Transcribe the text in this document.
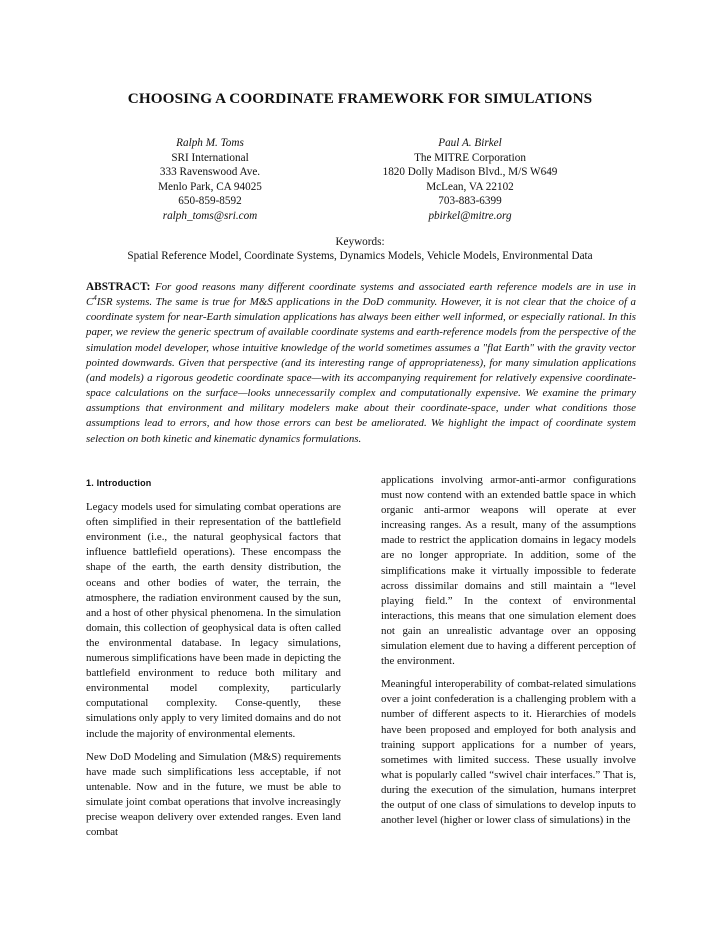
CHOOSING A COORDINATE FRAMEWORK FOR SIMULATIONS
Ralph M. Toms
SRI International
333 Ravenswood Ave.
Menlo Park, CA 94025
650-859-8592
ralph_toms@sri.com
Paul A. Birkel
The MITRE Corporation
1820 Dolly Madison Blvd., M/S W649
McLean, VA 22102
703-883-6399
pbirkel@mitre.org
Keywords:
Spatial Reference Model, Coordinate Systems, Dynamics Models, Vehicle Models, Environmental Data
ABSTRACT: For good reasons many different coordinate systems and associated earth reference models are in use in $C^4ISR$ systems. The same is true for M&S applications in the DoD community. However, it is not clear that the choice of a coordinate system for near-Earth simulation applications has always been either well informed, or especially rational. In this paper, we review the generic spectrum of available coordinate systems and earth-reference models from the perspective of the simulation model developer, whose intuitive knowledge of the world sometimes assumes a "flat Earth" with the gravity vector pointed downwards. Given that perspective (and its interesting range of appropriateness), for many simulation applications (and models) a rigorous geodetic coordinate space—with its accompanying requirement for relatively expensive coordinate-space calculations on the surface—looks unnecessarily complex and computationally expensive. We examine the primary assumptions that environment and military modelers make about their coordinate-space, under what conditions those assumptions lead to errors, and how those errors can best be ameliorated. We highlight the impact of coordinate system selection on both kinetic and kinematic dynamics formulations.
1. Introduction

Legacy models used for simulating combat operations are often simplified in their representation of the battlefield environment (i.e., the natural geophysical factors that influence battlefield operations). These encompass the shape of the earth, the earth density distribution, the oceans and other bodies of water, the terrain, the atmosphere, the radiation environment caused by the sun, and a host of other physical phenomena. In the simulation domain, this collection of geophysical data is often called the environmental database. In legacy simulations, numerous simplifications have been made in depicting the battlefield environment to reduce both military and environmental model complexity, particularly computational complexity. Conse-quently, these simulations only apply to very limited domains and do not include the majority of environmental elements.

New DoD Modeling and Simulation (M&S) requirements have made such simplifications less acceptable, if not untenable. Now and in the future, we must be able to simulate joint combat operations that involve increasingly precise weapon delivery over extended ranges. Even land combat

applications involving armor-anti-armor configurations must now contend with an extended battle space in which organic anti-armor weapons will operate at ever increasing ranges. As a result, many of the assumptions made to restrict the application domains in legacy models are no longer appropriate. In addition, some of the simplifications make it virtually impossible to federate across dissimilar domains and still maintain a “level playing field.” In the context of environmental interactions, this means that one simulation element does not gain an unrealistic advantage over an opposing simulation element due to having a different perception of the environment.

Meaningful interoperability of combat-related simulations over a joint confederation is a challenging problem with a number of different aspects to it. Hierarchies of models have been proposed and employed for both analysis and training support applications for a number of years, sometimes with limited success. These usually involve what is popularly called “swivel chair interfaces.” That is, during the execution of the simulation, humans interpret the output of one class of simulations to develop inputs to another level (higher or lower class of simulations) in the
